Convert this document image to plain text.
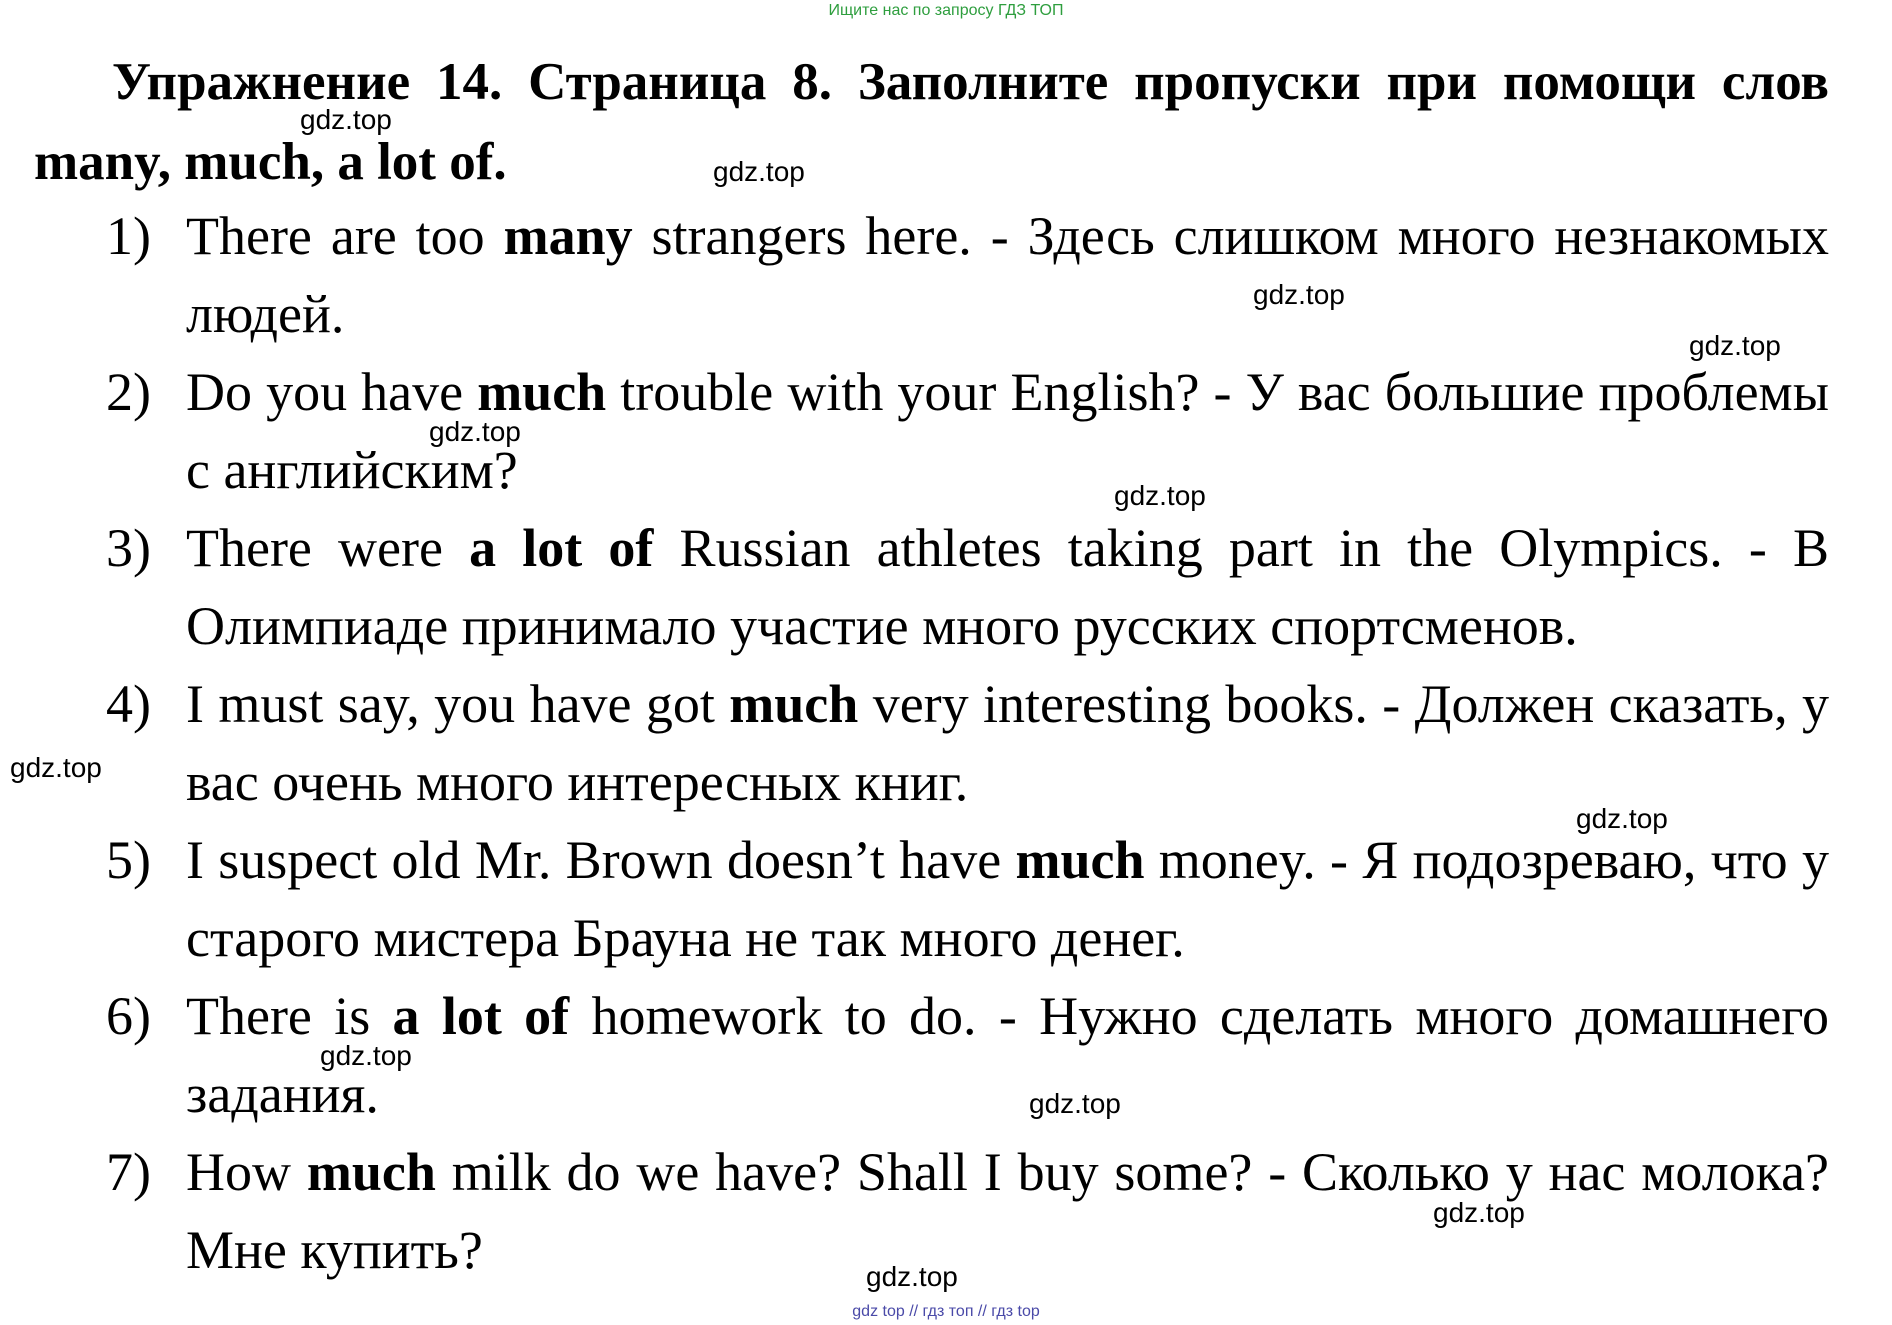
Ищите нас по запросу ГДЗ ТОП

Упражнение 14. Страница 8. Заполните пропуски при помощи слов many, much, a lot of.

1) There are too many strangers here. - Здесь слишком много незнакомых людей.
2) Do you have much trouble with your English? - У вас большие проблемы с английским?
3) There were a lot of Russian athletes taking part in the Olympics. - В Олимпиаде принимало участие много русских спортсменов.
4) I must say, you have got much very interesting books. - Должен сказать, у вас очень много интересных книг.
5) I suspect old Mr. Brown doesn’t have much money. - Я подозреваю, что у старого мистера Брауна не так много денег.
6) There is a lot of homework to do. - Нужно сделать много домашнего задания.
7) How much milk do we have? Shall I buy some? - Сколько у нас молока? Мне купить?
gdz.top
gdz.top
gdz.top
gdz.top
gdz.top
gdz.top
gdz.top
gdz.top
gdz.top
gdz.top
gdz.top
gdz.top
gdz top // гдз топ // гдз top
